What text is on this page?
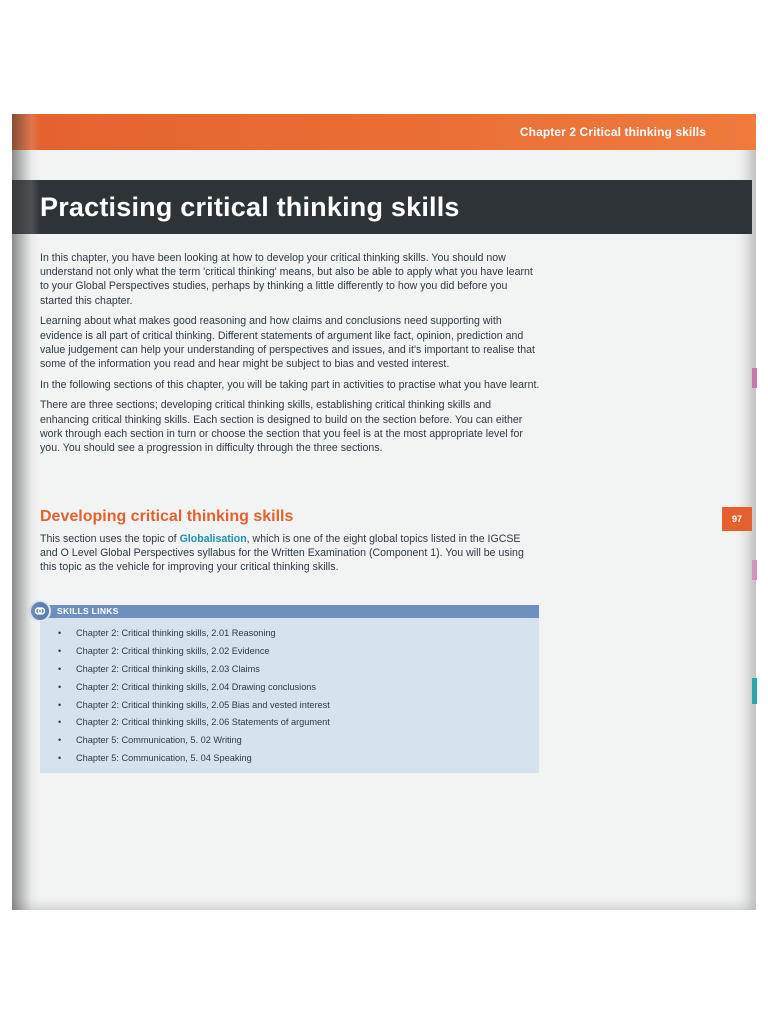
Chapter 2 Critical thinking skills
Practising critical thinking skills

In this chapter, you have been looking at how to develop your critical thinking skills. You should now understand not only what the term 'critical thinking' means, but also be able to apply what you have learnt to your Global Perspectives studies, perhaps by thinking a little differently to how you did before you started this chapter.

Learning about what makes good reasoning and how claims and conclusions need supporting with evidence is all part of critical thinking. Different statements of argument like fact, opinion, prediction and value judgement can help your understanding of perspectives and issues, and it's important to realise that some of the information you read and hear might be subject to bias and vested interest.

In the following sections of this chapter, you will be taking part in activities to practise what you have learnt.

There are three sections; developing critical thinking skills, establishing critical thinking skills and enhancing critical thinking skills. Each section is designed to build on the section before. You can either work through each section in turn or choose the section that you feel is at the most appropriate level for you. You should see a progression in difficulty through the three sections.

Developing critical thinking skills

This section uses the topic of Globalisation, which is one of the eight global topics listed in the IGCSE and O Level Global Perspectives syllabus for the Written Examination (Component 1). You will be using this topic as the vehicle for improving your critical thinking skills.

97
SKILLS LINKS
• Chapter 2: Critical thinking skills, 2.01 Reasoning
• Chapter 2: Critical thinking skills, 2.02 Evidence
• Chapter 2: Critical thinking skills, 2.03 Claims
• Chapter 2: Critical thinking skills, 2.04 Drawing conclusions
• Chapter 2: Critical thinking skills, 2.05 Bias and vested interest
• Chapter 2: Critical thinking skills, 2.06 Statements of argument
• Chapter 5: Communication, 5. 02 Writing
• Chapter 5: Communication, 5. 04 Speaking
